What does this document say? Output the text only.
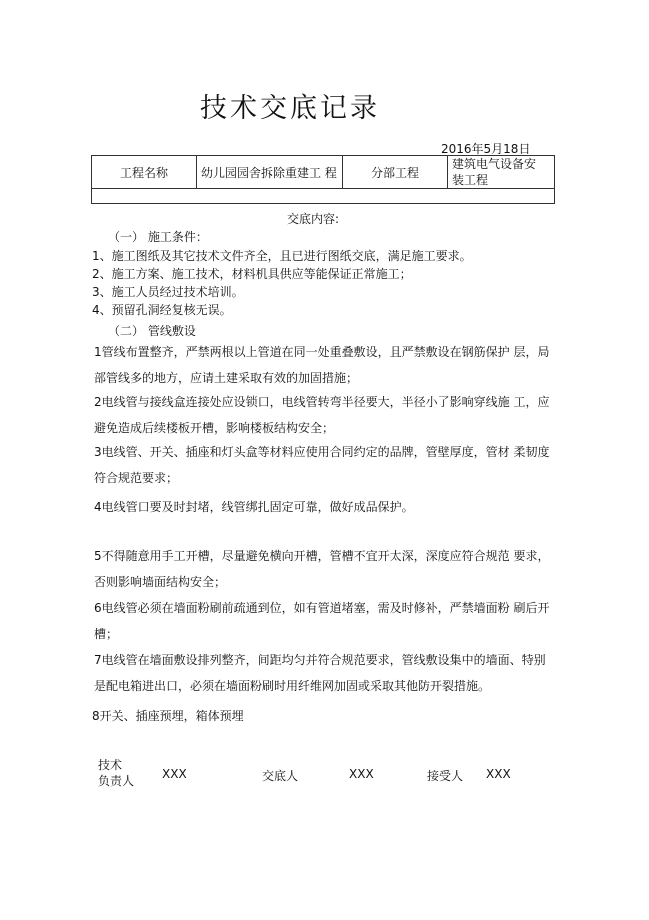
技术交底记录
2016年5月18日
工程名称	幼儿园园舍拆除重建工 程	分部工程	建筑电气设备安 装工程

交底内容:
（一） 施工条件：
1、施工图纸及其它技术文件齐全，且已进行图纸交底，满足施工要求。
2、施工方案、施工技术，材料机具供应等能保证正常施工；
3、施工人员经过技术培训。
4、预留孔洞经复核无误。
（二） 管线敷设
1管线布置整齐，严禁两根以上管道在同一处重叠敷设，且严禁敷设在钢筋保护 层，局部管线多的地方，应请土建采取有效的加固措施；
2电线管与接线盒连接处应设锁口，电线管转弯半径要大，半径小了影响穿线施 工，应避免造成后续楼板开槽，影响楼板结构安全；
3电线管、开关、插座和灯头盒等材料应使用合同约定的品牌，管壁厚度，管材 柔韧度符合规范要求；
4电线管口要及时封堵，线管绑扎固定可靠，做好成品保护。
5不得随意用手工开槽，尽量避免横向开槽，管槽不宜开太深，深度应符合规范 要求，否则影响墙面结构安全；
6电线管必须在墙面粉刷前疏通到位，如有管道堵塞，需及时修补，严禁墙面粉 刷后开槽；
7电线管在墙面敷设排列整齐，间距均匀并符合规范要求，管线敷设集中的墙面、特别是配电箱进出口，必须在墙面粉刷时用纤维网加固或采取其他防开裂措施。
8开关、插座预埋，箱体预埋
技术
负责人 XXX	交底人	XXX	接受人 XXX
